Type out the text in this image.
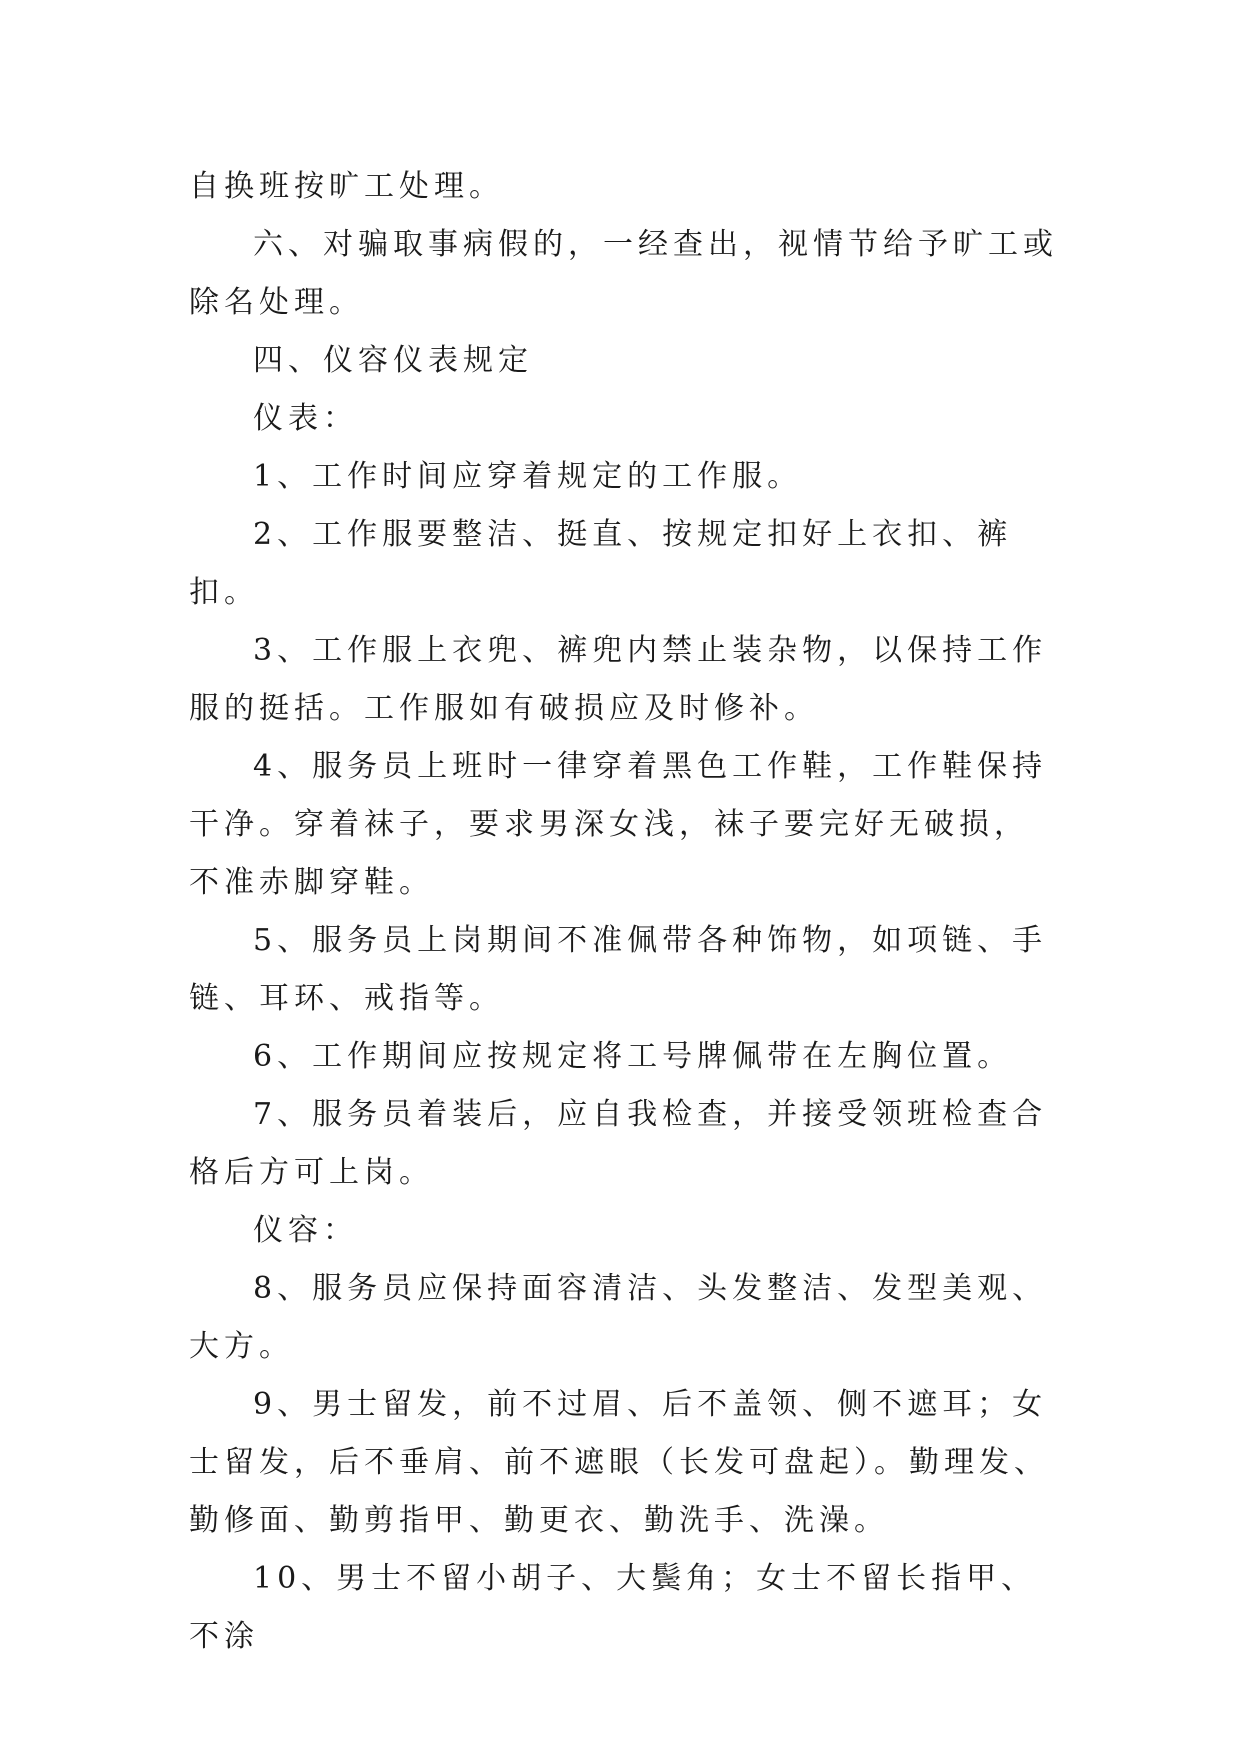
自换班按旷工处理。

六、对骗取事病假的，一经查出，视情节给予旷工或除名处理。

四、仪容仪表规定

仪表：

1、工作时间应穿着规定的工作服。

2、工作服要整洁、挺直、按规定扣好上衣扣、裤扣。

3、工作服上衣兜、裤兜内禁止装杂物，以保持工作服的挺括。工作服如有破损应及时修补。

4、服务员上班时一律穿着黑色工作鞋，工作鞋保持干净。穿着袜子，要求男深女浅，袜子要完好无破损，不准赤脚穿鞋。

5、服务员上岗期间不准佩带各种饰物，如项链、手链、耳环、戒指等。

6、工作期间应按规定将工号牌佩带在左胸位置。

7、服务员着装后，应自我检查，并接受领班检查合格后方可上岗。

仪容：

8、服务员应保持面容清洁、头发整洁、发型美观、大方。

9、男士留发，前不过眉、后不盖领、侧不遮耳；女士留发，后不垂肩、前不遮眼（长发可盘起）。勤理发、勤修面、勤剪指甲、勤更衣、勤洗手、洗澡。

10、男士不留小胡子、大鬓角；女士不留长指甲、不涂
